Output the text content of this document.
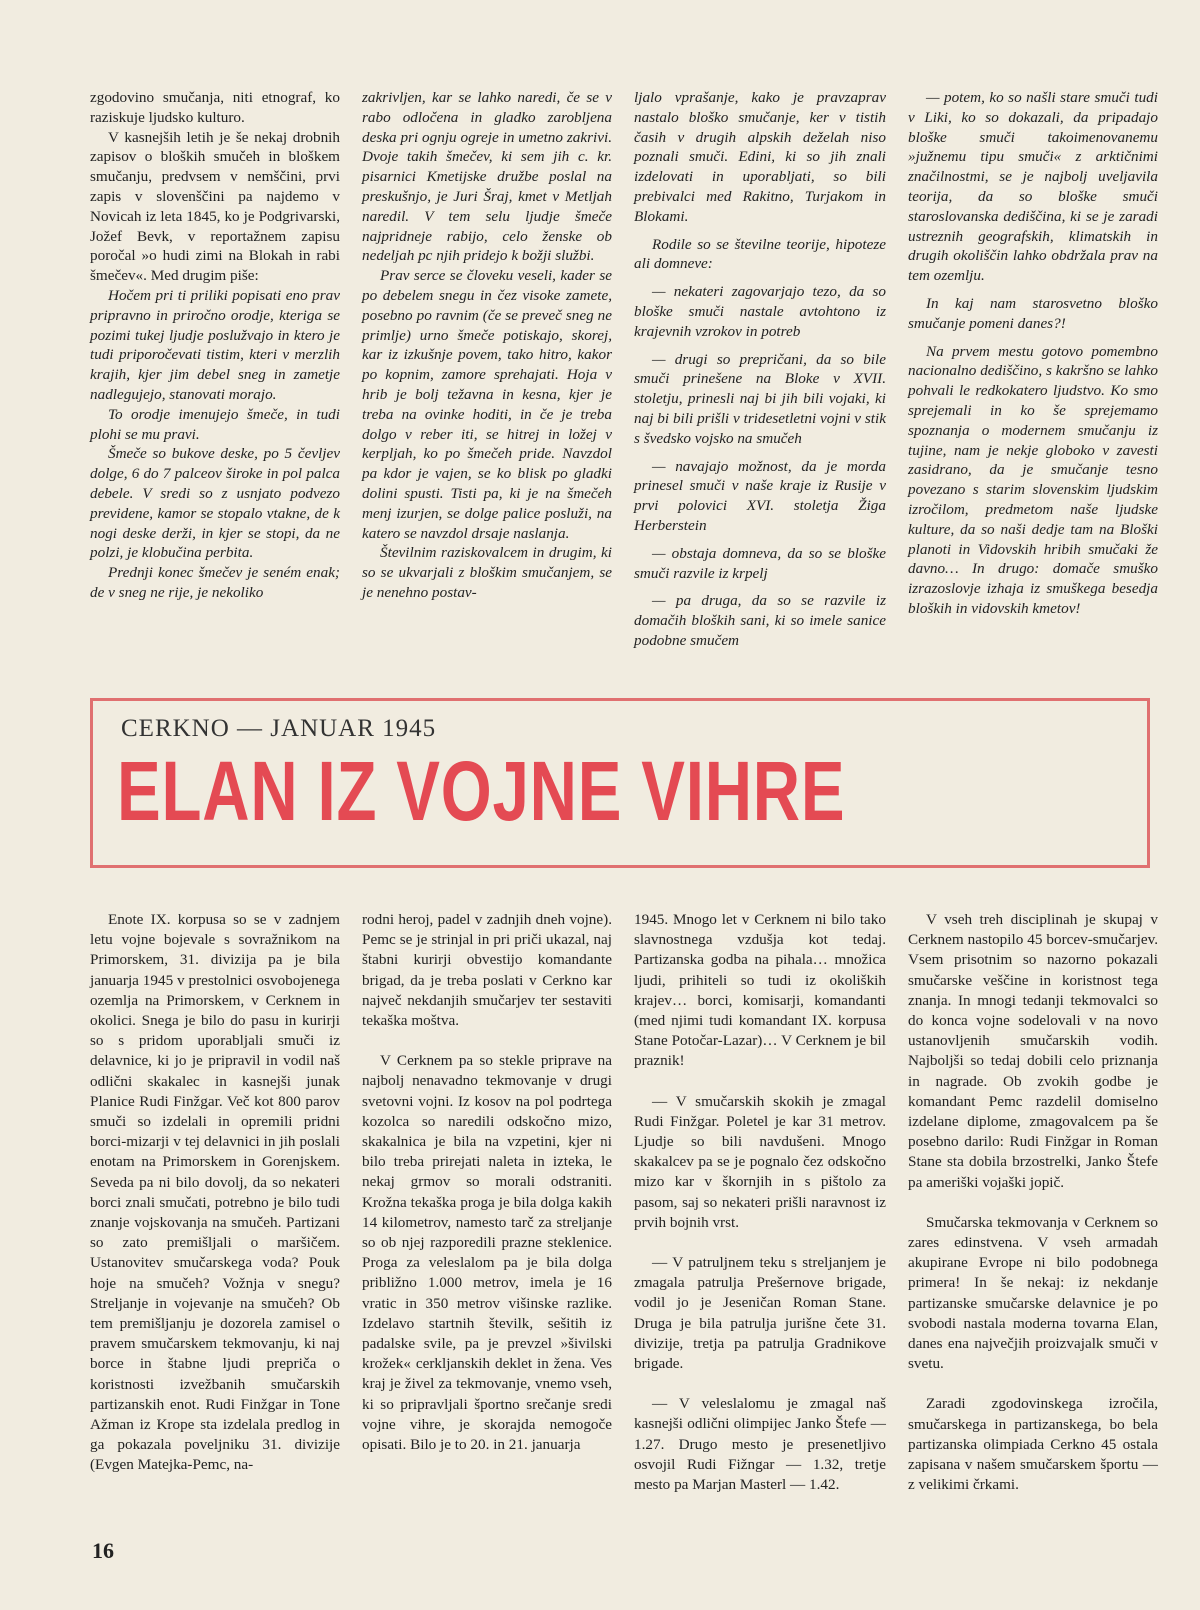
zgodovino smučanja, niti etnograf, ko raziskuje ljudsko kulturo.

V kasnejših letih je še nekaj drobnih zapisov o bloških smučeh in bloškem smučanju, predvsem v nemščini, prvi zapis v slovenščini pa najdemo v Novicah iz leta 1845, ko je Podgrivarski, Jožef Bevk, v reportažnem zapisu poročal »o hudi zimi na Blokah in rabi šmečev«. Med drugim piše:

Hočem pri ti priliki popisati eno prav pripravno in priročno orodje, kteriga se pozimi tukej ljudje poslužvajo in ktero je tudi priporočevati tistim, kteri v merzlih krajih, kjer jim debel sneg in zametje nadlegujejo, stanovati morajo.

To orodje imenujejo šmeče, in tudi plohi se mu pravi.

Šmeče so bukove deske, po 5 čevljev dolge, 6 do 7 palceov široke in pol palca debele. V sredi so z usnjato podvezo previdene, kamor se stopalo vtakne, de k nogi deske derži, in kjer se stopi, da ne polzi, je klobučina perbita.

Prednji konec šmečev je seném enak; de v sneg ne rije, je nekoliko

zakrivljen, kar se lahko naredi, če se v rabo odločena in gladko zarobljena deska pri ognju ogreje in umetno zakrivi. Dvoje takih šmečev, ki sem jih c. kr. pisarnici Kmetijske družbe poslal na preskušnjo, je Juri Šraj, kmet v Metljah naredil. V tem selu ljudje šmeče najpridneje rabijo, celo ženske ob nedeljah pc njih pridejo k božji službi.

Prav serce se človeku veseli, kader se po debelem snegu in čez visoke zamete, posebno po ravnim (če se preveč sneg ne primlje) urno šmeče potiskajo, skorej, kar iz izkušnje povem, tako hitro, kakor po kopnim, zamore sprehajati. Hoja v hrib je bolj težavna in kesna, kjer je treba na ovinke hoditi, in če je treba dolgo v reber iti, se hitrej in ložej v kerpljah, ko po šmečeh pride. Navzdol pa kdor je vajen, se ko blisk po gladki dolini spusti. Tisti pa, ki je na šmečeh menj izurjen, se dolge palice posluži, na katero se navzdol drsaje naslanja.

Številnim raziskovalcem in drugim, ki so se ukvarjali z bloškim smučanjem, se je nenehno postav-

ljalo vprašanje, kako je pravzaprav nastalo bloško smučanje, ker v tistih časih v drugih alpskih deželah niso poznali smuči. Edini, ki so jih znali izdelovati in uporabljati, so bili prebivalci med Rakitno, Turjakom in Blokami.

Rodile so se številne teorije, hipoteze ali domneve:

— nekateri zagovarjajo tezo, da so bloške smuči nastale avtohtono iz krajevnih vzrokov in potreb

— drugi so prepričani, da so bile smuči prinešene na Bloke v XVII. stoletju, prinesli naj bi jih bili vojaki, ki naj bi bili prišli v tridesetletni vojni v stik s švedsko vojsko na smučeh

— navajajo možnost, da je morda prinesel smuči v naše kraje iz Rusije v prvi polovici XVI. stoletja Žiga Herberstein

— obstaja domneva, da so se bloške smuči razvile iz krpelj

— pa druga, da so se razvile iz domačih bloških sani, ki so imele sanice podobne smučem

— potem, ko so našli stare smuči tudi v Liki, ko so dokazali, da pripadajo bloške smuči takoimenovanemu »južnemu tipu smuči« z arktičnimi značilnostmi, se je najbolj uveljavila teorija, da so bloške smuči staroslovanska dediščina, ki se je zaradi ustreznih geografskih, klimatskih in drugih okoliščin lahko obdržala prav na tem ozemlju.

In kaj nam starosvetno bloško smučanje pomeni danes?!

Na prvem mestu gotovo pomembno nacionalno dediščino, s kakršno se lahko pohvali le redkokatero ljudstvo. Ko smo sprejemali in ko še sprejemamo spoznanja o modernem smučanju iz tujine, nam je nekje globoko v zavesti zasidrano, da je smučanje tesno povezano s starim slovenskim ljudskim izročilom, predmetom naše ljudske kulture, da so naši dedje tam na Bloški planoti in Vidovskih hribih smučaki že davno… In drugo: domače smuško izrazoslovje izhaja iz smuškega besedja bloških in vidovskih kmetov!

CERKNO — JANUAR 1945
ELAN IZ VOJNE VIHRE

Enote IX. korpusa so se v zadnjem letu vojne bojevale s sovražnikom na Primorskem, 31. divizija pa je bila januarja 1945 v prestolnici osvobojenega ozemlja na Primorskem, v Cerknem in okolici. Snega je bilo do pasu in kurirji so s pridom uporabljali smuči iz delavnice, ki jo je pripravil in vodil naš odlični skakalec in kasnejši junak Planice Rudi Finžgar. Več kot 800 parov smuči so izdelali in opremili pridni borci-mizarji v tej delavnici in jih poslali enotam na Primorskem in Gorenjskem. Seveda pa ni bilo dovolj, da so nekateri borci znali smučati, potrebno je bilo tudi znanje vojskovanja na smučeh. Partizani so zato premišljali o maršičem. Ustanovitev smučarskega voda? Pouk hoje na smučeh? Vožnja v snegu? Streljanje in vojevanje na smučeh? Ob tem premišljanju je dozorela zamisel o pravem smučarskem tekmovanju, ki naj borce in štabne ljudi prepriča o koristnosti izvežbanih smučarskih partizanskih enot. Rudi Finžgar in Tone Ažman iz Krope sta izdelala predlog in ga pokazala poveljniku 31. divizije (Evgen Matejka-Pemc, na-

rodni heroj, padel v zadnjih dneh vojne). Pemc se je strinjal in pri priči ukazal, naj štabni kurirji obvestijo komandante brigad, da je treba poslati v Cerkno kar največ nekdanjih smučarjev ter sestaviti tekaška moštva.

V Cerknem pa so stekle priprave na najbolj nenavadno tekmovanje v drugi svetovni vojni. Iz kosov na pol podrtega kozolca so naredili odskočno mizo, skakalnica je bila na vzpetini, kjer ni bilo treba prirejati naleta in izteka, le nekaj grmov so morali odstraniti. Krožna tekaška proga je bila dolga kakih 14 kilometrov, namesto tarč za streljanje so ob njej razporedili prazne steklenice. Proga za veleslalom pa je bila dolga približno 1.000 metrov, imela je 16 vratic in 350 metrov višinske razlike. Izdelavo startnih številk, sešitih iz padalske svile, pa je prevzel »šivilski krožek« cerkljanskih deklet in žena. Ves kraj je živel za tekmovanje, vnemo vseh, ki so pripravljali športno srečanje sredi vojne vihre, je skorajda nemogoče opisati. Bilo je to 20. in 21. januarja

1945. Mnogo let v Cerknem ni bilo tako slavnostnega vzdušja kot tedaj. Partizanska godba na pihala… množica ljudi, prihiteli so tudi iz okoliških krajev… borci, komisarji, komandanti (med njimi tudi komandant IX. korpusa Stane Potočar-Lazar)… V Cerknem je bil praznik!

— V smučarskih skokih je zmagal Rudi Finžgar. Poletel je kar 31 metrov. Ljudje so bili navdušeni. Mnogo skakalcev pa se je pognalo čez odskočno mizo kar v škornjih in s pištolo za pasom, saj so nekateri prišli naravnost iz prvih bojnih vrst.

— V patruljnem teku s streljanjem je zmagala patrulja Prešernove brigade, vodil jo je Jeseničan Roman Stane. Druga je bila patrulja jurišne čete 31. divizije, tretja pa patrulja Gradnikove brigade.

— V veleslalomu je zmagal naš kasnejši odlični olimpijec Janko Štefe — 1.27. Drugo mesto je presenetljivo osvojil Rudi Fižngar — 1.32, tretje mesto pa Marjan Masterl — 1.42.

V vseh treh disciplinah je skupaj v Cerknem nastopilo 45 borcev-smučarjev. Vsem prisotnim so nazorno pokazali smučarske veščine in koristnost tega znanja. In mnogi tedanji tekmovalci so do konca vojne sodelovali v na novo ustanovljenih smučarskih vodih. Najboljši so tedaj dobili celo priznanja in nagrade. Ob zvokih godbe je komandant Pemc razdelil domiselno izdelane diplome, zmagovalcem pa še posebno darilo: Rudi Finžgar in Roman Stane sta dobila brzostrelki, Janko Štefe pa ameriški vojaški jopič.

Smučarska tekmovanja v Cerknem so zares edinstvena. V vseh armadah akupirane Evrope ni bilo podobnega primera! In še nekaj: iz nekdanje partizanske smučarske delavnice je po svobodi nastala moderna tovarna Elan, danes ena največjih proizvajalk smuči v svetu.

Zaradi zgodovinskega izročila, smučarskega in partizanskega, bo bela partizanska olimpiada Cerkno 45 ostala zapisana v našem smučarskem športu — z velikimi črkami.

16
